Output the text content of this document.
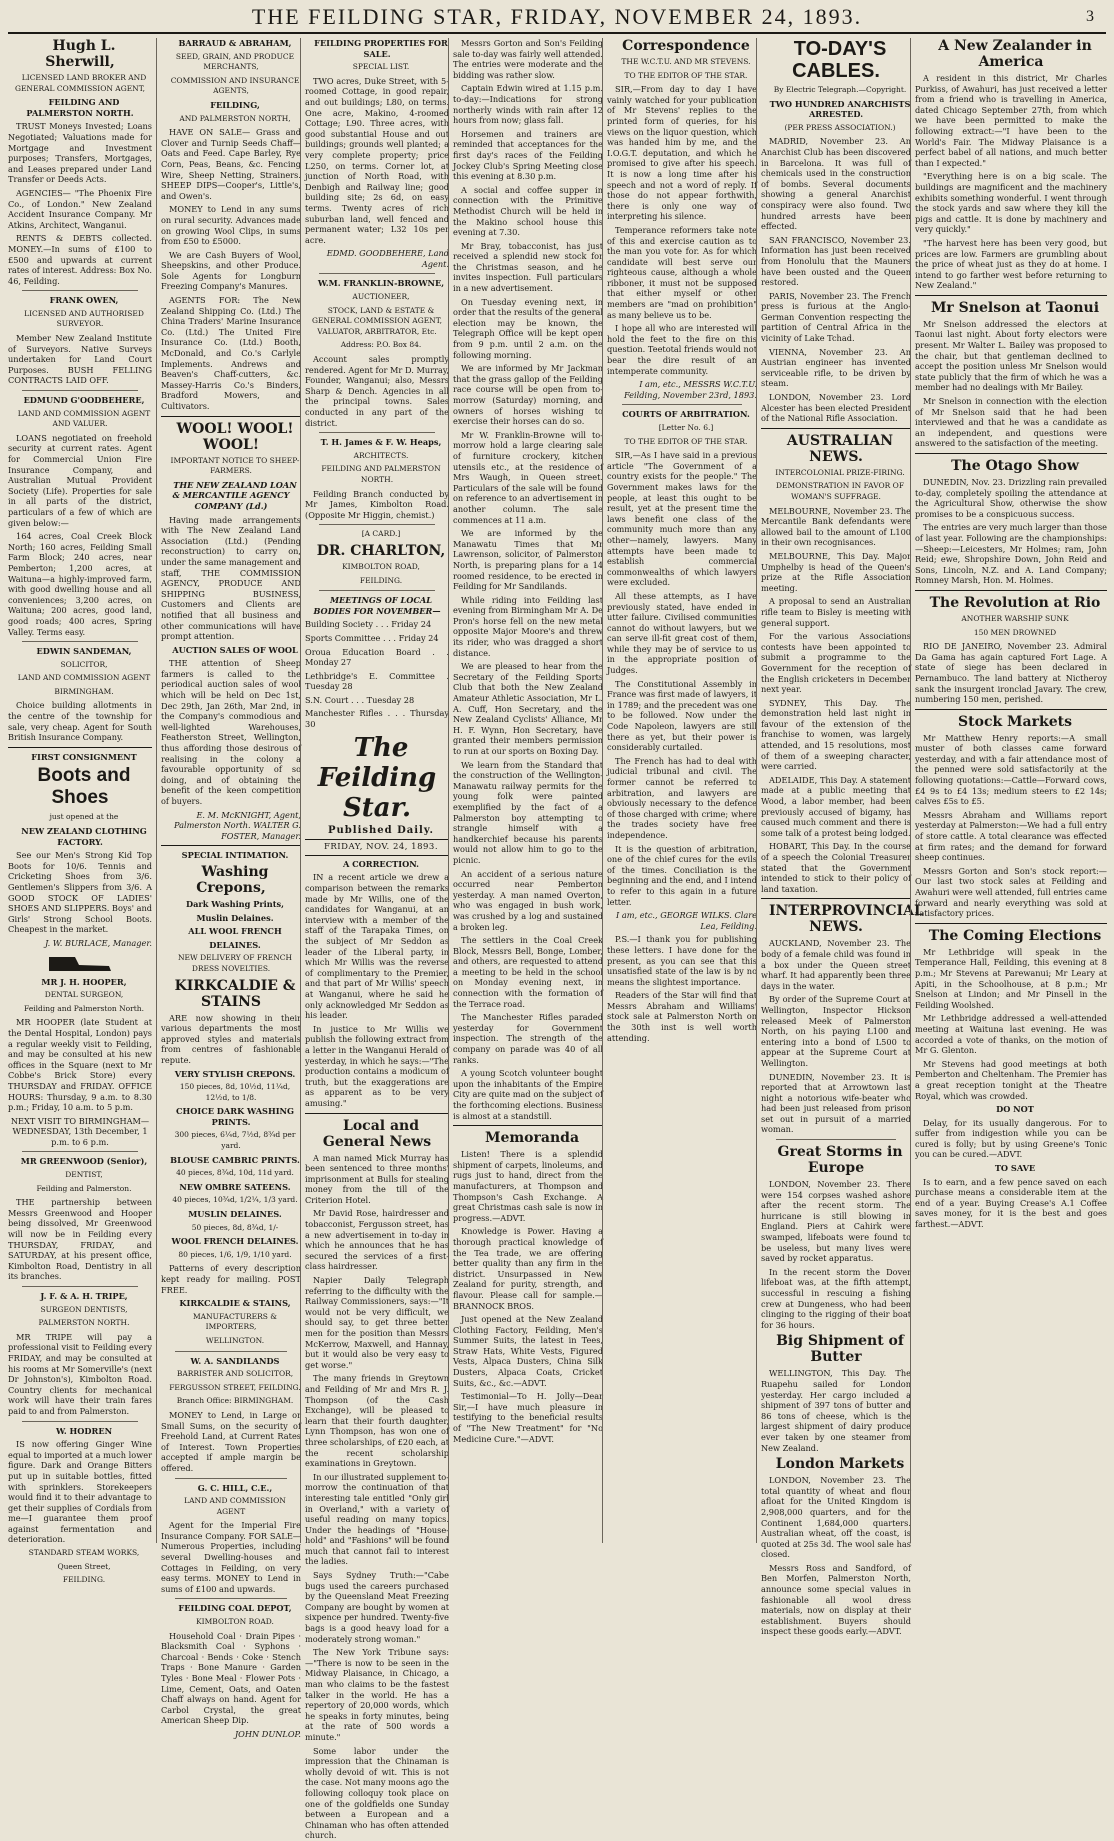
THE FEILDING STAR, FRIDAY, NOVEMBER 24, 1893.	3

Hugh L. Sherwill,

LICENSED LAND BROKER AND GENERAL COMMISSION AGENT,

FEILDING AND PALMERSTON NORTH.

TRUST Moneys Invested; Loans Negotiated; Valuations made for Mortgage and Investment purposes; Transfers, Mortgages, and Leases prepared under Land Transfer or Deeds Acts.

AGENCIES— "The Phoenix Fire Co., of London." New Zealand Accident Insurance Company. Mr Atkins, Architect, Wanganui.

RENTS & DEBTS collected. MONEY.—In sums of £100 to £500 and upwards at current rates of interest. Address: Box No. 46, Feilding.

FRANK OWEN,

LICENSED AND AUTHORISED SURVEYOR.

Member New Zealand Institute of Surveyors. Native Surveys undertaken for Land Court Purposes. BUSH FELLING CONTRACTS LAID OFF.

EDMUND G'OODBEHERE,

LAND AND COMMISSION AGENT AND VALUER.

LOANS negotiated on freehold security at current rates. Agent for Commercial Union Fire Insurance Company, and Australian Mutual Provident Society (Life). Properties for sale in all parts of the district, particulars of a few of which are given below:—

164 acres, Coal Creek Block North; 160 acres, Feilding Small Farm Block; 240 acres, near Pemberton; 1,200 acres, at Waituna—a highly-improved farm, with good dwelling house and all conveniences; 3,200 acres, on Waituna; 200 acres, good land, good roads; 400 acres, Spring Valley. Terms easy.

EDWIN SANDEMAN,

SOLICITOR,

LAND AND COMMISSION AGENT

BIRMINGHAM.

Choice building allotments in the centre of the township for sale, very cheap. Agent for South British Insurance Company.

FIRST CONSIGNMENT

Boots and Shoes

just opened at the

NEW ZEALAND CLOTHING FACTORY.

See our Men's Strong Kid Top Boots for 10/6. Tennis and Cricketing Shoes from 3/6. Gentlemen's Slippers from 3/6. A GOOD STOCK OF LADIES' SHOES AND SLIPPERS. Boys' and Girls' Strong School Boots. Cheapest in the market.

J. W. BURLACE, Manager.

MR J. H. HOOPER,

DENTAL SURGEON,

Feilding and Palmerston North.

MR HOOPER (late Student at the Dental Hospital, London) pays a regular weekly visit to Feilding, and may be consulted at his new offices in the Square (next to Mr Cobbe's Brick Store) every THURSDAY and FRIDAY. OFFICE HOURS: Thursday, 9 a.m. to 8.30 p.m.; Friday, 10 a.m. to 5 p.m.

NEXT VISIT TO BIRMINGHAM— WEDNESDAY, 13th December, 1 p.m. to 6 p.m.

MR GREENWOOD (Senior),

DENTIST,

Feilding and Palmerston.

THE partnership between Messrs Greenwood and Hooper being dissolved, Mr Greenwood will now be in Feilding every THURSDAY, FRIDAY, and SATURDAY, at his present office, Kimbolton Road, Dentistry in all its branches.

J. F. & A. H. TRIPE,

SURGEON DENTISTS,

PALMERSTON NORTH.

MR TRIPE will pay a professional visit to Feilding every FRIDAY, and may be consulted at his rooms at Mr Somerville's (next Dr Johnston's), Kimbolton Road. Country clients for mechanical work will have their train fares paid to and from Palmerston.

W. HODREN

IS now offering Ginger Wine equal to imported at a much lower figure. Dark and Orange Bitters put up in suitable bottles, fitted with sprinklers. Storekeepers would find it to their advantage to get their supplies of Cordials from me—I guarantee them proof against fermentation and deterioration.

STANDARD STEAM WORKS,

Queen Street,

FEILDING.

BARRAUD & ABRAHAM,

SEED, GRAIN, AND PRODUCE MERCHANTS,

COMMISSION AND INSURANCE AGENTS,

FEILDING,

AND PALMERSTON NORTH,

HAVE ON SALE— Grass and Clover and Turnip Seeds Chaff—Oats and Feed. Cape Barley, Rye Corn, Peas, Beans, &c. Fencing Wire, Sheep Netting, Strainers. SHEEP DIPS—Cooper's, Little's, and Owen's.

MONEY to Lend in any sums on rural security. Advances made on growing Wool Clips, in sums from £50 to £5000.

We are Cash Buyers of Wool, Sheepskins, and other Produce. Sole Agents for Longburn Freezing Company's Manures.

AGENTS FOR: The New Zealand Shipping Co. (Ltd.) The China Traders' Marine Insurance Co. (Ltd.) The United Fire Insurance Co. (Ltd.) Booth, McDonald, and Co.'s Carlyle Implements. Andrews and Beaven's Chaff-cutters, &c. Massey-Harris Co.'s Binders, Bradford Mowers, and Cultivators.

WOOL! WOOL! WOOL!

IMPORTANT NOTICE TO SHEEP-FARMERS.

THE NEW ZEALAND LOAN & MERCANTILE AGENCY COMPANY (Ld.)

Having made arrangements with The New Zealand Land Association (Ltd.) (Pending reconstruction) to carry on, under the same management and staff, THE COMMISSION AGENCY, PRODUCE AND SHIPPING BUSINESS, Customers and Clients are notified that all business and other communications will have prompt attention.

AUCTION SALES OF WOOL

THE attention of Sheep farmers is called to the periodical auction sales of wool which will be held on Dec 1st, Dec 29th, Jan 26th, Mar 2nd, in the Company's commodious and well-lighted Warehouses, Featherston Street, Wellington, thus affording those desirous of realising in the colony a favourable opportunity of so doing, and of obtaining the benefit of the keen competition of buyers.

E. M. McKNIGHT, Agent, Palmerston North. WALTER G. FOSTER, Manager.

SPECIAL INTIMATION.

Washing Crepons,

Dark Washing Prints,

Muslin Delaines.

ALL WOOL FRENCH

DELAINES.

NEW DELIVERY OF FRENCH DRESS NOVELTIES.

KIRKCALDIE & STAINS

ARE now showing in their various departments the most approved styles and materials from centres of fashionable repute.

VERY STYLISH CREPONS.

150 pieces, 8d, 10½d, 11¼d, 12½d, to 1/8.

CHOICE DARK WASHING PRINTS.

300 pieces, 6¼d, 7½d, 8¾d per yard.

BLOUSE CAMBRIC PRINTS.

40 pieces, 8¾d, 10d, 11d yard.

NEW OMBRE SATEENS.

40 pieces, 10¾d, 1/2¼, 1/3 yard.

MUSLIN DELAINES.

50 pieces, 8d, 8¾d, 1/-

WOOL FRENCH DELAINES.

80 pieces, 1/6, 1/9, 1/10 yard.

Patterns of every description kept ready for mailing. POST FREE.

KIRKCALDIE & STAINS,

MANUFACTURERS & IMPORTERS,

WELLINGTON.

W. A. SANDILANDS

BARRISTER AND SOLICITOR,

FERGUSSON STREET, FEILDING.

Branch Office: BIRMINGHAM.

MONEY to Lend, in Large or Small Sums, on the security of Freehold Land, at Current Rates of Interest. Town Properties accepted if ample margin be offered.

G. C. HILL, C.E.,

LAND AND COMMISSION AGENT

Agent for the Imperial Fire Insurance Company. FOR SALE—Numerous Properties, including several Dwelling-houses and Cottages in Feilding, on very easy terms. MONEY to Lend in sums of £100 and upwards.

FEILDING COAL DEPOT,

KIMBOLTON ROAD.

Household Coal · Drain Pipes · Blacksmith Coal · Syphons · Charcoal · Bends · Coke · Stench Traps · Bone Manure · Garden Tyles · Bone Meal · Flower Pots · Lime, Cement, Oats, and Oaten Chaff always on hand. Agent for Carbol Crystal, the great American Sheep Dip.

JOHN DUNLOP.

FEILDING PROPERTIES FOR SALE.

SPECIAL LIST.

TWO acres, Duke Street, with 5-roomed Cottage, in good repair, and out buildings; L80, on terms. One acre, Makino, 4-roomed Cottage; L90. Three acres, with good substantial House and out buildings; grounds well planted; a very complete property; price L250, on terms. Corner lot, at junction of North Road, with Denbigh and Railway line; good building site; 2s 6d, on easy terms. Twenty acres of rich suburban land, well fenced and permanent water; L32 10s per acre.

EDMD. GOODBEHERE, Land Agent.

W.M. FRANKLIN-BROWNE,

AUCTIONEER,

STOCK, LAND & ESTATE & GENERAL COMMISSION AGENT, VALUATOR, ARBITRATOR, Etc.

Address: P.O. Box 84.

Account sales promptly rendered. Agent for Mr D. Murray, Founder, Wanganui; also, Messrs Sharp & Dench. Agencies in all the principal towns. Sales conducted in any part of the district.

T. H. James & F. W. Heaps,

ARCHITECTS.

FEILDING AND PALMERSTON NORTH.

Feilding Branch conducted by Mr James, Kimbolton Road. (Opposite Mr Higgin, chemist.)

[A CARD.]

DR. CHARLTON,

KIMBOLTON ROAD,

FEILDING.

MEETINGS OF LOCAL BODIES FOR NOVEMBER—

Building Society . . . Friday 24

Sports Committee . . . Friday 24

Oroua Education Board . . Monday 27

Lethbridge's E. Committee . Tuesday 28

S.N. Court . . . Tuesday 28

Manchester Rifles . . . Thursday 30

The Feilding Star.

Published Daily.

FRIDAY, NOV. 24, 1893.

A CORRECTION.

IN a recent article we drew a comparison between the remarks made by Mr Willis, one of the candidates for Wanganui, at an interview with a member of the staff of the Tarapaka Times, on the subject of Mr Seddon as leader of the Liberal party, in which Mr Willis was the reverse of complimentary to the Premier, and that part of Mr Willis' speech at Wanganui, where he said he only acknowledged Mr Seddon as his leader.

In justice to Mr Willis we publish the following extract from a letter in the Wanganui Herald of yesterday, in which he says:—"The production contains a modicum of truth, but the exaggerations are as apparent as to be very amusing."

Local and General News

A man named Mick Murray has been sentenced to three months' imprisonment at Bulls for stealing money from the till of the Criterion Hotel.

Mr David Rose, hairdresser and tobacconist, Fergusson street, has a new advertisement in to-day in which he announces that he has secured the services of a first-class hairdresser.

Napier Daily Telegraph referring to the difficulty with the Railway Commissioners, says:—"It would not be very difficult, we should say, to get three better men for the position than Messrs McKerrow, Maxwell, and Hannay, but it would also be very easy to get worse."

The many friends in Greytown and Feilding of Mr and Mrs R. J. Thompson (of the Cash Exchange), will be pleased to learn that their fourth daughter, Lynn Thompson, has won one of three scholarships, of £20 each, at the recent scholarship examinations in Greytown.

In our illustrated supplement to-morrow the continuation of that interesting tale entitled "Only girl in Overland," with a variety of useful reading on many topics. Under the headings of "House-hold" and "Fashions" will be found much that cannot fail to interest the ladies.

Says Sydney Truth:—"Cabe bugs used the careers purchased by the Queensland Meat Freezing Company are bought by women at sixpence per hundred. Twenty-five bags is a good heavy load for a moderately strong woman."

The New York Tribune says:—"There is now to be seen in the Midway Plaisance, in Chicago, a man who claims to be the fastest talker in the world. He has a repertory of 20,000 words, which he speaks in forty minutes, being at the rate of 500 words a minute."

Some labor under the impression that the Chinaman is wholly devoid of wit. This is not the case. Not many moons ago the following colloquy took place on one of the goldfields one Sunday between a European and a Chinaman who has often attended church.

Messrs Gorton and Son's Feilding sale to-day was fairly well attended. The entries were moderate and the bidding was rather slow.

Captain Edwin wired at 1.15 p.m. to-day:—Indications for strong northerly winds with rain after 12 hours from now; glass fall.

Horsemen and trainers are reminded that acceptances for the first day's races of the Feilding Jockey Club's Spring Meeting close this evening at 8.30 p.m.

A social and coffee supper in connection with the Primitive Methodist Church will be held in the Makino school house this evening at 7.30.

Mr Bray, tobacconist, has just received a splendid new stock for the Christmas season, and he invites inspection. Full particulars in a new advertisement.

On Tuesday evening next, in order that the results of the general election may be known, the Telegraph Office will be kept open from 9 p.m. until 2 a.m. on the following morning.

We are informed by Mr Jackman that the grass gallop of the Feilding race course will be open from to-morrow (Saturday) morning, and owners of horses wishing to exercise their horses can do so.

Mr W. Franklin-Browne will to-morrow hold a large clearing sale of furniture crockery, kitchen utensils etc., at the residence of Mrs Waugh, in Queen street. Particulars of the sale will be found on reference to an advertisement in another column. The sale commences at 11 a.m.

We are informed by the Manawatu Times that Mr Lawrenson, solicitor, of Palmerston North, is preparing plans for a 14 roomed residence, to be erected in Feilding for Mr Sandilands.

While riding into Feilding last evening from Birmingham Mr A. De Pron's horse fell on the new metal opposite Major Moore's and threw its rider, who was dragged a short distance.

We are pleased to hear from the Secretary of the Feilding Sports Club that both the New Zealand Amateur Athletic Association, Mr L. A. Cuff, Hon Secretary, and the New Zealand Cyclists' Alliance, Mr H. F. Wynn, Hon Secretary, have granted their members permission to run at our sports on Boxing Day.

We learn from the Standard that the construction of the Wellington-Manawatu railway permits for the young folk were painted exemplified by the fact of a Palmerston boy attempting to strangle himself with a handkerchief because his parents would not allow him to go to the picnic.

An accident of a serious nature occurred near Pemberton yesterday. A man named Overton, who was engaged in bush work, was crushed by a log and sustained a broken leg.

The settlers in the Coal Creek Block, Messrs Bell, Bonge, Lomber, and others, are requested to attend a meeting to be held in the school on Monday evening next, in connection with the formation of the Terrace road.

The Manchester Rifles paraded yesterday for Government inspection. The strength of the company on parade was 40 of all ranks.

A young Scotch volunteer bought upon the inhabitants of the Empire City are quite mad on the subject of the forthcoming elections. Business is almost at a standstill.

Memoranda

Listen! There is a splendid shipment of carpets, linoleums, and rugs just to hand, direct from the manufacturers, at Thompson and Thompson's Cash Exchange. A great Christmas cash sale is now in progress.—ADVT.

Knowledge is Power. Having a thorough practical knowledge of the Tea trade, we are offering better quality than any firm in the district. Unsurpassed in New Zealand for purity, strength, and flavour. Please call for sample.—BRANNOCK BROS.

Just opened at the New Zealand Clothing Factory, Feilding, Men's Summer Suits, the latest in Tees, Straw Hats, White Vests, Figured Vests, Alpaca Dusters, China Silk Dusters, Alpaca Coats, Cricket Suits, &c., &c.—ADVT.

Testimonial—To H. Jolly—Dear Sir,—I have much pleasure in testifying to the beneficial results of "The New Treatment" for "No Medicine Cure."—ADVT.

Correspondence

THE W.C.T.U. AND MR STEVENS.

TO THE EDITOR OF THE STAR.

SIR,—From day to day I have vainly watched for your publication of Mr Stevens' replies to the printed form of queries, for his views on the liquor question, which was handed him by me, and the I.O.G.T. deputation, and which he promised to give after his speech. It is now a long time after his speech and not a word of reply. If those do not appear forthwith, there is only one way of interpreting his silence.

Temperance reformers take note of this and exercise caution as to the man you vote for. As for which candidate will best serve our righteous cause, although a whole ribboner, it must not be supposed that either myself or other members are "mad on prohibition" as many believe us to be.

I hope all who are interested will hold the feet to the fire on this question. Teetotal friends would not bear the dire result of an intemperate community.

I am, etc., MESSRS W.C.T.U. Feilding, November 23rd, 1893.

COURTS OF ARBITRATION.

[Letter No. 6.]

TO THE EDITOR OF THE STAR.

SIR,—As I have said in a previous article "The Government of a country exists for the people." The Government makes laws for the people, at least this ought to be result, yet at the present time the laws benefit one class of the community much more than any other—namely, lawyers. Many attempts have been made to establish commercial commonwealths of which lawyers were excluded.

All these attempts, as I have previously stated, have ended in utter failure. Civilised communities cannot do without lawyers, but we can serve ill-fit great cost of them, while they may be of service to us in the appropriate position of Judges.

The Constitutional Assembly in France was first made of lawyers, it in 1789; and the precedent was one to be followed. Now under the Code Napoleon, lawyers are still there as yet, but their power is considerably curtailed.

The French has had to deal with judicial tribunal and civil. The former cannot be referred to arbitration, and lawyers are obviously necessary to the defence of those charged with crime; where the trades society have free independence.

It is the question of arbitration, one of the chief cures for the evils of the times. Conciliation is the beginning and the end, and I intend to refer to this again in a future letter.

I am, etc., GEORGE WILKS. Clare Lea, Feilding.

P.S.—I thank you for publishing these letters. I have done for the present, as you can see that this unsatisfied state of the law is by no means the slightest importance.

Readers of the Star will find that Messrs Abraham and Williams' stock sale at Palmerston North on the 30th inst is well worth attending.

TO-DAY'S CABLES.

By Electric Telegraph.—Copyright.

TWO HUNDRED ANARCHISTS ARRESTED.

(PER PRESS ASSOCIATION.)

MADRID, November 23. An Anarchist Club has been discovered in Barcelona. It was full of chemicals used in the construction of bombs. Several documents showing a general Anarchist conspiracy were also found. Two hundred arrests have been effected.

SAN FRANCISCO, November 23. Information has just been received from Honolulu that the Mauners have been ousted and the Queen restored.

PARIS, November 23. The French press is furious at the Anglo-German Convention respecting the partition of Central Africa in the vicinity of Lake Tchad.

VIENNA, November 23. An Austrian engineer has invented serviceable rifle, to be driven by steam.

LONDON, November 23. Lord Alcester has been elected President of the National Rifle Association.

AUSTRALIAN NEWS.

INTERCOLONIAL PRIZE-FIRING.

DEMONSTRATION IN FAVOR OF WOMAN'S SUFFRAGE.

MELBOURNE, November 23. The Mercantile Bank defendants were allowed bail to the amount of L100 in their own recognisances.

MELBOURNE, This Day. Major Umphelby is head of the Queen's prize at the Rifle Association meeting.

A proposal to send an Australian rifle team to Bisley is meeting with general support.

For the various Associations contests have been appointed to submit a programme to the Government for the reception of the English cricketers in December next year.

SYDNEY, This Day. The demonstration held last night in favour of the extension of the franchise to women, was largely attended, and 15 resolutions, most of them of a sweeping character, were carried.

ADELAIDE, This Day. A statement made at a public meeting that Wood, a labor member, had been previously accused of bigamy, has caused much comment and there is some talk of a protest being lodged.

HOBART, This Day. In the course of a speech the Colonial Treasurer stated that the Government intended to stick to their policy of land taxation.

INTERPROVINCIAL NEWS.

AUCKLAND, November 23. The body of a female child was found in a box under the Queen street wharf. It had apparently been three days in the water.

By order of the Supreme Court at Wellington, Inspector Hickson released Meek of Palmerston North, on his paying L100 and entering into a bond of L500 to appear at the Supreme Court at Wellington.

DUNEDIN, November 23. It is reported that at Arrowtown last night a notorious wife-beater who had been just released from prison set out in pursuit of a married woman.

Great Storms in Europe

LONDON, November 23. There were 154 corpses washed ashore after the recent storm. The hurricane is still blowing in England. Piers at Cahirk were swamped, lifeboats were found to be useless, but many lives were saved by rocket apparatus.

In the recent storm the Dover lifeboat was, at the fifth attempt, successful in rescuing a fishing crew at Dungeness, who had been clinging to the rigging of their boat for 36 hours.

Big Shipment of Butter

WELLINGTON, This Day. The Ruapehu sailed for London yesterday. Her cargo included a shipment of 397 tons of butter and 86 tons of cheese, which is the largest shipment of dairy produce ever taken by one steamer from New Zealand.

London Markets

LONDON, November 23. The total quantity of wheat and flour afloat for the United Kingdom is 2,908,000 quarters, and for the Continent 1,684,000 quarters. Australian wheat, off the coast, is quoted at 25s 3d. The wool sale has closed.

Messrs Ross and Sandford, of Ben Morfen, Palmerston North, announce some special values in fashionable all wool dress materials, now on display at their establishment. Buyers should inspect these goods early.—ADVT.

A New Zealander in America

A resident in this district, Mr Charles Purkiss, of Awahuri, has just received a letter from a friend who is travelling in America, dated Chicago September 27th, from which we have been permitted to make the following extract:—"I have been to the World's Fair. The Midway Plaisance is a perfect babel of all nations, and much better than I expected."

"Everything here is on a big scale. The buildings are magnificent and the machinery exhibits something wonderful. I went through the stock yards and saw where they kill the pigs and cattle. It is done by machinery and very quickly."

"The harvest here has been very good, but prices are low. Farmers are grumbling about the price of wheat just as they do at home. I intend to go farther west before returning to New Zealand."

Mr Snelson at Taonui

Mr Snelson addressed the electors at Taonui last night. About forty electors were present. Mr Walter L. Bailey was proposed to the chair, but that gentleman declined to accept the position unless Mr Snelson would state publicly that the firm of which he was a member had no dealings with Mr Bailey.

Mr Snelson in connection with the election of Mr Snelson said that he had been interviewed and that he was a candidate as an independent, and questions were answered to the satisfaction of the meeting.

The Otago Show

DUNEDIN, Nov. 23. Drizzling rain prevailed to-day, completely spoiling the attendance at the Agricultural Show, otherwise the show promises to be a conspicuous success.

The entries are very much larger than those of last year. Following are the championships:—Sheep:—Leicesters, Mr Holmes; ram, John Reid; ewe, Shropshire Down, John Reid and Sons, Lincoln, N.Z. and A. Land Company; Romney Marsh, Hon. M. Holmes.

The Revolution at Rio

ANOTHER WARSHIP SUNK

150 MEN DROWNED

RIO DE JANEIRO, November 23. Admiral Da Gama has again captured Fort Lage. A state of siege has been declared in Pernambuco. The land battery at Nictheroy sank the insurgent ironclad Javary. The crew, numbering 150 men, perished.

Stock Markets

Mr Matthew Henry reports:—A small muster of both classes came forward yesterday, and with a fair attendance most of the penned were sold satisfactorily at the following quotations:—Cattle—Forward cows, £4 9s to £4 13s; medium steers to £2 14s; calves £5s to £5.

Messrs Abraham and Williams report yesterday at Palmerston:—We had a full entry of store cattle. A total clearance was effected at firm rates; and the demand for forward sheep continues.

Messrs Gorton and Son's stock report:—Our last two stock sales at Feilding and Awahuri were well attended, full entries came forward and nearly everything was sold at satisfactory prices.

The Coming Elections

Mr Lethbridge will speak in the Temperance Hall, Feilding, this evening at 8 p.m.; Mr Stevens at Parewanui; Mr Leary at Apiti, in the Schoolhouse, at 8 p.m.; Mr Snelson at Lindon; and Mr Pinsell in the Feilding Woolshed.

Mr Lethbridge addressed a well-attended meeting at Waituna last evening. He was accorded a vote of thanks, on the motion of Mr G. Glenton.

Mr Stevens had good meetings at both Pemberton and Cheltenham. The Premier has a great reception tonight at the Theatre Royal, which was crowded.

DO NOT

Delay, for its usually dangerous. For to suffer from indigestion while you can be cured is folly; but by using Greene's Tonic you can be cured.—ADVT.

TO SAVE

Is to earn, and a few pence saved on each purchase means a considerable item at the end of a year. Buying Crease's A.1 Coffee saves money, for it is the best and goes farthest.—ADVT.
